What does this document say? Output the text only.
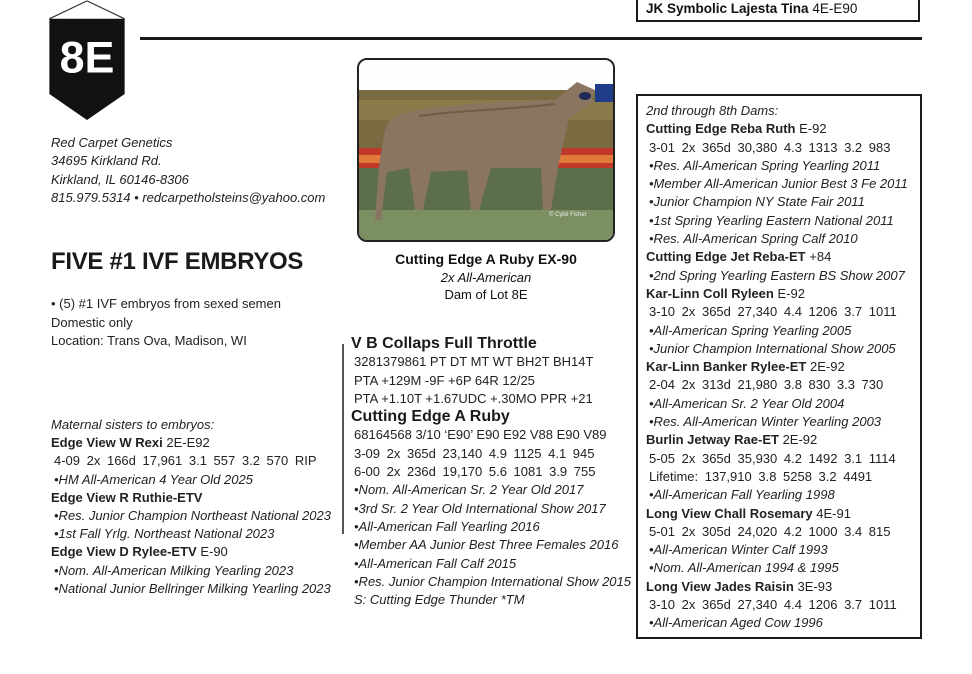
JK Symbolic Lajesta Tina 4E-E90
8E
Red Carpet Genetics
34695 Kirkland Rd.
Kirkland, IL 60146-8306
815.979.5314 • redcarpetholsteins@yahoo.com
FIVE #1 IVF EMBRYOS
• (5) #1 IVF embryos from sexed semen
Domestic only
Location: Trans Ova, Madison, WI
Maternal sisters to embryos:
Edge View W Rexi 2E-E92
4-09 2x 166d 17,961 3.1 557 3.2 570 RIP
•HM All-American 4 Year Old 2025
Edge View R Ruthie-ETV
•Res. Junior Champion Northeast National 2023
•1st Fall Yrlg. Northeast National 2023
Edge View D Rylee-ETV E-90
•Nom. All-American Milking Yearling 2023
•National Junior Bellringer Milking Yearling 2023
© Cybil Fisher
Cutting Edge A Ruby EX-90
2x All-American
Dam of Lot 8E
V B Collaps Full Throttle
3281379861 PT DT MT WT BH2T BH14T
PTA +129M -9F +6P 64R 12/25
PTA +1.10T +1.67UDC +.30MO PPR +21
Cutting Edge A Ruby
68164568 3/10 ‘E90’ E90 E92 V88 E90 V89
3-09 2x 365d 23,140 4.9 1125 4.1 945
6-00 2x 236d 19,170 5.6 1081 3.9 755
•Nom. All-American Sr. 2 Year Old 2017
•3rd Sr. 2 Year Old International Show 2017
•All-American Fall Yearling 2016
•Member AA Junior Best Three Females 2016
•All-American Fall Calf 2015
•Res. Junior Champion International Show 2015
S: Cutting Edge Thunder *TM
2nd through 8th Dams:
Cutting Edge Reba Ruth E-92
3-01 2x 365d 30,380 4.3 1313 3.2 983
•Res. All-American Spring Yearling 2011
•Member All-American Junior Best 3 Fe 2011
•Junior Champion NY State Fair 2011
•1st Spring Yearling Eastern National 2011
•Res. All-American Spring Calf 2010
Cutting Edge Jet Reba-ET +84
•2nd Spring Yearling Eastern BS Show 2007
Kar-Linn Coll Ryleen E-92
3-10 2x 365d 27,340 4.4 1206 3.7 1011
•All-American Spring Yearling 2005
•Junior Champion International Show 2005
Kar-Linn Banker Rylee-ET 2E-92
2-04 2x 313d 21,980 3.8 830 3.3 730
•All-American Sr. 2 Year Old 2004
•Res. All-American Winter Yearling 2003
Burlin Jetway Rae-ET 2E-92
5-05 2x 365d 35,930 4.2 1492 3.1 1114
Lifetime: 137,910 3.8 5258 3.2 4491
•All-American Fall Yearling 1998
Long View Chall Rosemary 4E-91
5-01 2x 305d 24,020 4.2 1000 3.4 815
•All-American Winter Calf 1993
•Nom. All-American 1994 & 1995
Long View Jades Raisin 3E-93
3-10 2x 365d 27,340 4.4 1206 3.7 1011
•All-American Aged Cow 1996
